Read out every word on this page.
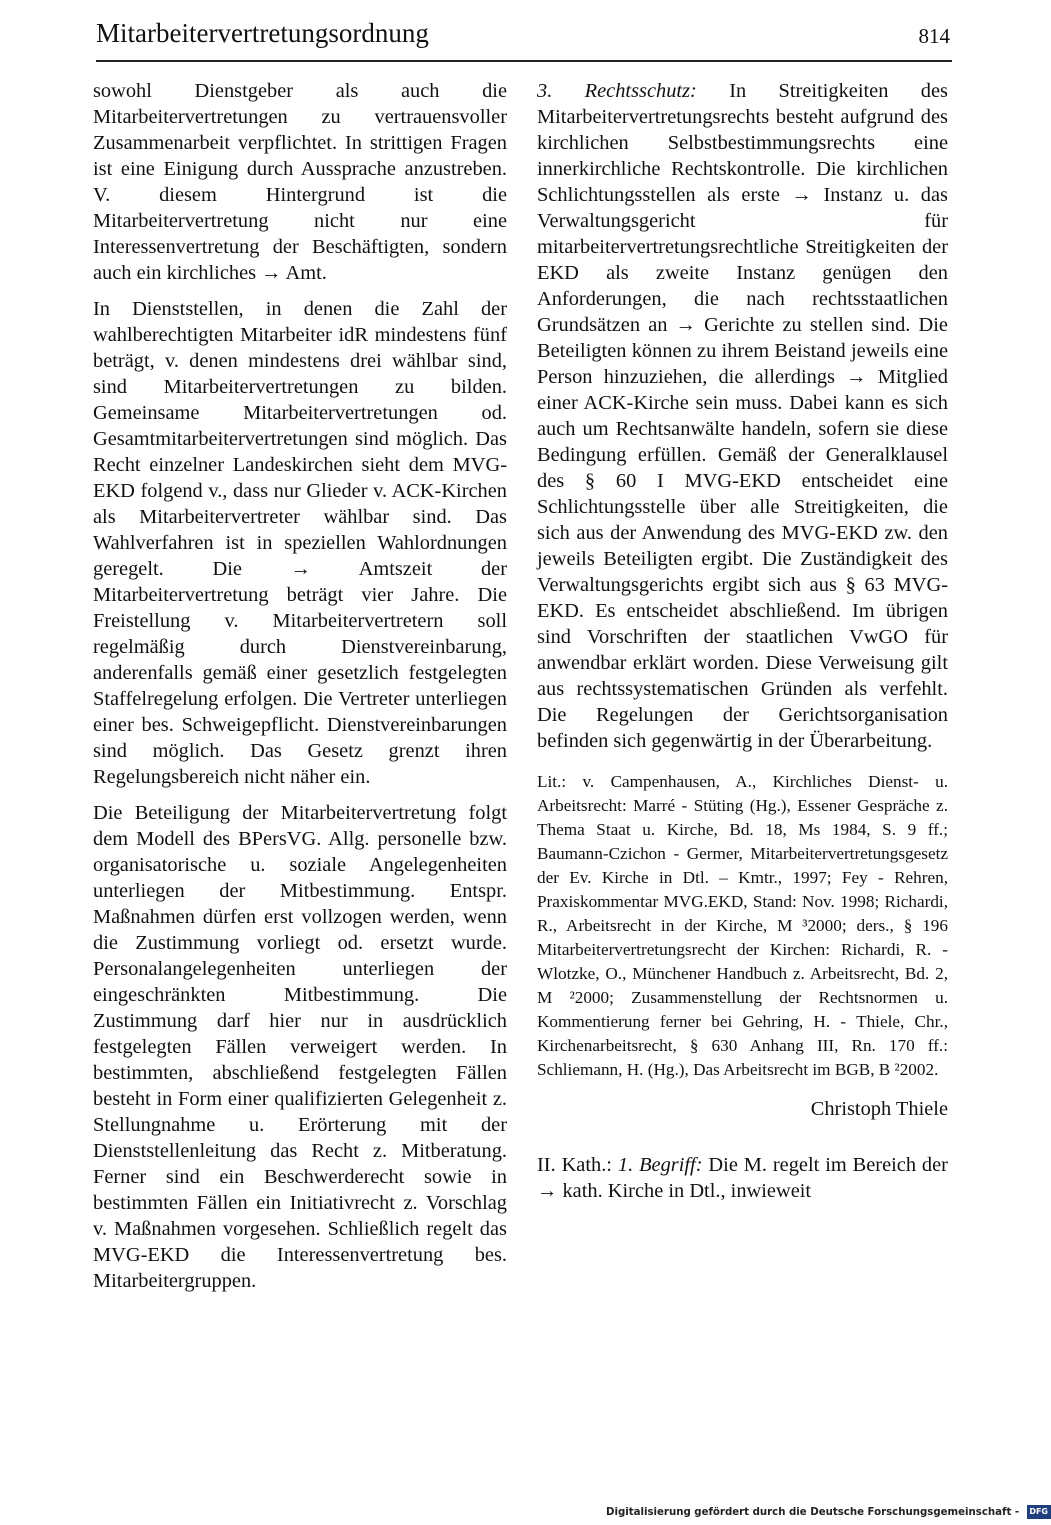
Mitarbeitervertretungsordnung	814

sowohl Dienstgeber als auch die Mitarbeitervertretungen zu vertrauensvoller Zusammenarbeit verpflichtet. In strittigen Fragen ist eine Einigung durch Aussprache anzustreben. V. diesem Hintergrund ist die Mitarbeitervertretung nicht nur eine Interessenvertretung der Beschäftigten, sondern auch ein kirchliches → Amt.

In Dienststellen, in denen die Zahl der wahlberechtigten Mitarbeiter idR mindestens fünf beträgt, v. denen mindestens drei wählbar sind, sind Mitarbeitervertretungen zu bilden. Gemeinsame Mitarbeitervertretungen od. Gesamtmitarbeitervertretungen sind möglich. Das Recht einzelner Landeskirchen sieht dem MVG-EKD folgend v., dass nur Glieder v. ACK-Kirchen als Mitarbeitervertreter wählbar sind. Das Wahlverfahren ist in speziellen Wahlordnungen geregelt. Die → Amtszeit der Mitarbeitervertretung beträgt vier Jahre. Die Freistellung v. Mitarbeitervertretern soll regelmäßig durch Dienstvereinbarung, anderenfalls gemäß einer gesetzlich festgelegten Staffelregelung erfolgen. Die Vertreter unterliegen einer bes. Schweigepflicht. Dienstvereinbarungen sind möglich. Das Gesetz grenzt ihren Regelungsbereich nicht näher ein.

Die Beteiligung der Mitarbeitervertretung folgt dem Modell des BPersVG. Allg. personelle bzw. organisatorische u. soziale Angelegenheiten unterliegen der Mitbestimmung. Entspr. Maßnahmen dürfen erst vollzogen werden, wenn die Zustimmung vorliegt od. ersetzt wurde. Personalangelegenheiten unterliegen der eingeschränkten Mitbestimmung. Die Zustimmung darf hier nur in ausdrücklich festgelegten Fällen verweigert werden. In bestimmten, abschließend festgelegten Fällen besteht in Form einer qualifizierten Gelegenheit z. Stellungnahme u. Erörterung mit der Dienststellenleitung das Recht z. Mitberatung. Ferner sind ein Beschwerderecht sowie in bestimmten Fällen ein Initiativrecht z. Vorschlag v. Maßnahmen vorgesehen. Schließlich regelt das MVG-EKD die Interessenvertretung bes. Mitarbeitergruppen.

3. Rechtsschutz: In Streitigkeiten des Mitarbeitervertretungsrechts besteht aufgrund des kirchlichen Selbstbestimmungsrechts eine innerkirchliche Rechtskontrolle. Die kirchlichen Schlichtungsstellen als erste → Instanz u. das Verwaltungsgericht für mitarbeitervertretungsrechtliche Streitigkeiten der EKD als zweite Instanz genügen den Anforderungen, die nach rechtsstaatlichen Grundsätzen an → Gerichte zu stellen sind. Die Beteiligten können zu ihrem Beistand jeweils eine Person hinzuziehen, die allerdings → Mitglied einer ACK-Kirche sein muss. Dabei kann es sich auch um Rechtsanwälte handeln, sofern sie diese Bedingung erfüllen. Gemäß der Generalklausel des § 60 I MVG-EKD entscheidet eine Schlichtungsstelle über alle Streitigkeiten, die sich aus der Anwendung des MVG-EKD zw. den jeweils Beteiligten ergibt. Die Zuständigkeit des Verwaltungsgerichts ergibt sich aus § 63 MVG-EKD. Es entscheidet abschließend. Im übrigen sind Vorschriften der staatlichen VwGO für anwendbar erklärt worden. Diese Verweisung gilt aus rechtssystematischen Gründen als verfehlt. Die Regelungen der Gerichtsorganisation befinden sich gegenwärtig in der Überarbeitung.

Lit.: v. Campenhausen, A., Kirchliches Dienst- u. Arbeitsrecht: Marré - Stüting (Hg.), Essener Gespräche z. Thema Staat u. Kirche, Bd. 18, Ms 1984, S. 9 ff.; Baumann-Czichon - Germer, Mitarbeitervertretungsgesetz der Ev. Kirche in Dtl. – Kmtr., 1997; Fey - Rehren, Praxiskommentar MVG.EKD, Stand: Nov. 1998; Richardi, R., Arbeitsrecht in der Kirche, M ³2000; ders., § 196 Mitarbeitervertretungsrecht der Kirchen: Richardi, R. - Wlotzke, O., Münchener Handbuch z. Arbeitsrecht, Bd. 2, M ²2000; Zusammenstellung der Rechtsnormen u. Kommentierung ferner bei Gehring, H. - Thiele, Chr., Kirchenarbeitsrecht, § 630 Anhang III, Rn. 170 ff.: Schliemann, H. (Hg.), Das Arbeitsrecht im BGB, B ²2002.

Christoph Thiele

II. Kath.: 1. Begriff: Die M. regelt im Bereich der → kath. Kirche in Dtl., inwieweit

Digitalisierung gefördert durch die Deutsche Forschungsgemeinschaft - DFG
